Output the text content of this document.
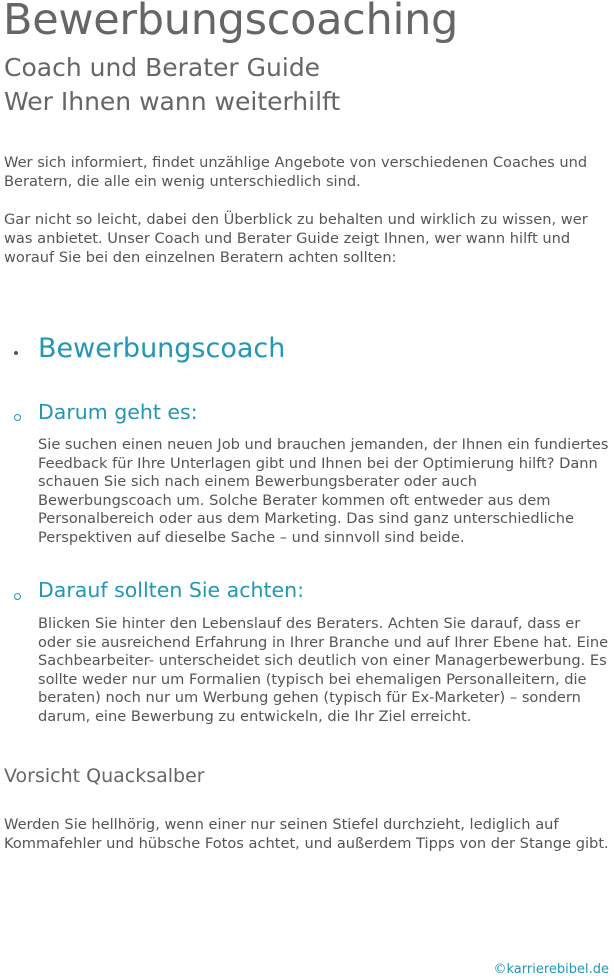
Bewerbungscoaching
Coach und Berater Guide
Wer Ihnen wann weiterhilft

Wer sich informiert, findet unzählige Angebote von verschiedenen Coaches und Beratern, die alle ein wenig unterschiedlich sind.

Gar nicht so leicht, dabei den Überblick zu behalten und wirklich zu wissen, wer was anbietet. Unser Coach und Berater Guide zeigt Ihnen, wer wann hilft und worauf Sie bei den einzelnen Beratern achten sollten:

Bewerbungscoach
Darum geht es:

Sie suchen einen neuen Job und brauchen jemanden, der Ihnen ein fundiertes Feedback für Ihre Unterlagen gibt und Ihnen bei der Optimierung hilft? Dann schauen Sie sich nach einem Bewerbungsberater oder auch Bewerbungscoach um. Solche Berater kommen oft entweder aus dem Personalbereich oder aus dem Marketing. Das sind ganz unterschiedliche Perspektiven auf dieselbe Sache – und sinnvoll sind beide.

Darauf sollten Sie achten:

Blicken Sie hinter den Lebenslauf des Beraters. Achten Sie darauf, dass er oder sie ausreichend Erfahrung in Ihrer Branche und auf Ihrer Ebene hat. Eine Sachbearbeiter- unterscheidet sich deutlich von einer Managerbewerbung. Es sollte weder nur um Formalien (typisch bei ehemaligen Personalleitern, die beraten) noch nur um Werbung gehen (typisch für Ex-Marketer) – sondern darum, eine Bewerbung zu entwickeln, die Ihr Ziel erreicht.

Vorsicht Quacksalber

Werden Sie hellhörig, wenn einer nur seinen Stiefel durchzieht, lediglich auf Kommafehler und hübsche Fotos achtet, und außerdem Tipps von der Stange gibt.

©karrierebibel.de
